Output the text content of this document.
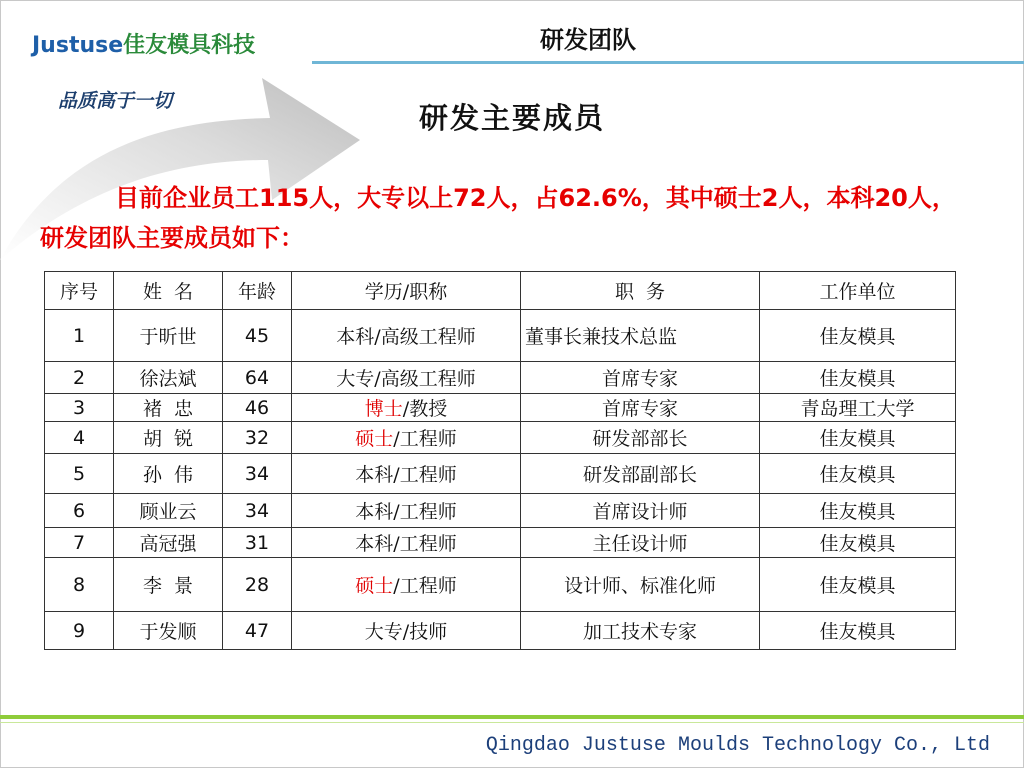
Justuse佳友模具科技
品质高于一切
研发团队
研发主要成员
目前企业员工115人，大专以上72人，占62.6%，其中硕士2人，本科20人，研发团队主要成员如下：
序号	姓  名	年龄	学历/职称	职  务	工作单位
1	于昕世	45	本科/高级工程师	董事长兼技术总监	佳友模具
2	徐法斌	64	大专/高级工程师	首席专家	佳友模具
3	褚  忠	46	博士/教授	首席专家	青岛理工大学
4	胡  锐	32	硕士/工程师	研发部部长	佳友模具
5	孙  伟	34	本科/工程师	研发部副部长	佳友模具
6	顾业云	34	本科/工程师	首席设计师	佳友模具
7	高冠强	31	本科/工程师	主任设计师	佳友模具
8	李  景	28	硕士/工程师	设计师、标准化师	佳友模具
9	于发顺	47	大专/技师	加工技术专家	佳友模具
Qingdao Justuse Moulds Technology Co., Ltd
